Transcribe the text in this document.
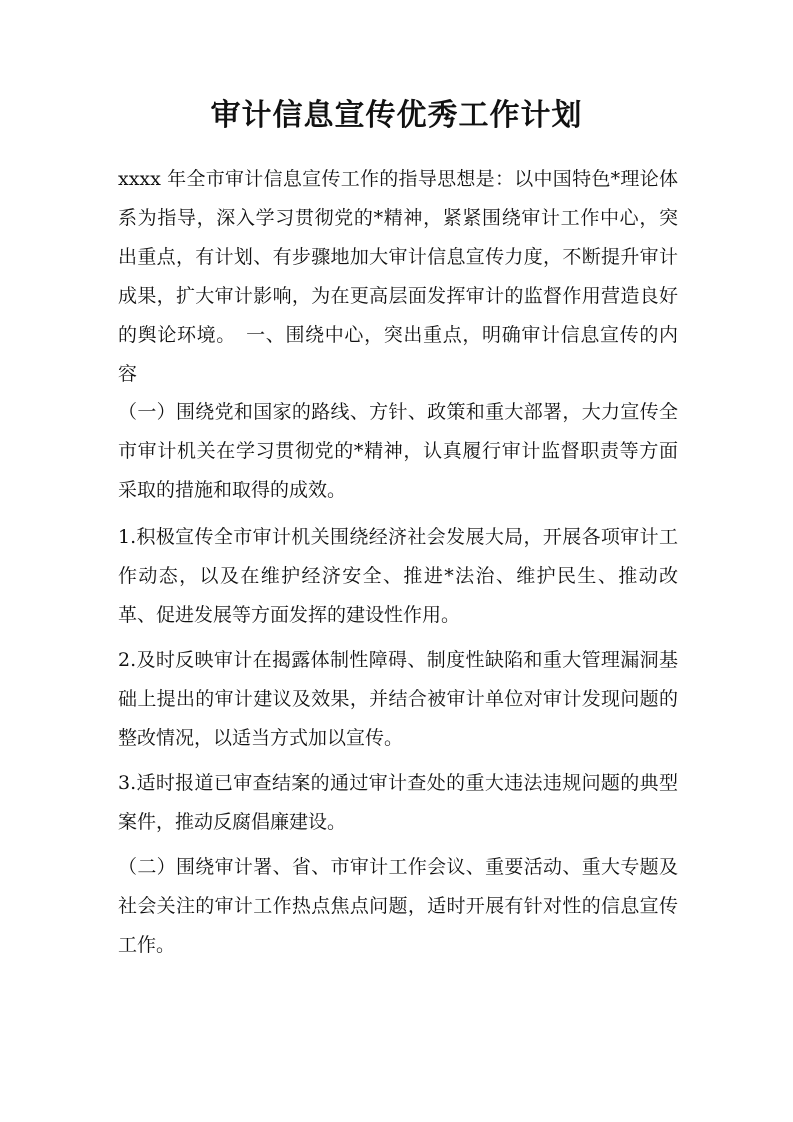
审计信息宣传优秀工作计划

xxxx 年全市审计信息宣传工作的指导思想是：以中国特色*理论体系为指导，深入学习贯彻党的*精神，紧紧围绕审计工作中心，突出重点，有计划、有步骤地加大审计信息宣传力度，不断提升审计成果，扩大审计影响，为在更高层面发挥审计的监督作用营造良好的舆论环境。　一、围绕中心，突出重点，明确审计信息宣传的内容

（一）围绕党和国家的路线、方针、政策和重大部署，大力宣传全市审计机关在学习贯彻党的*精神，认真履行审计监督职责等方面采取的措施和取得的成效。

1.积极宣传全市审计机关围绕经济社会发展大局，开展各项审计工作动态，以及在维护经济安全、推进*法治、维护民生、推动改革、促进发展等方面发挥的建设性作用。

2.及时反映审计在揭露体制性障碍、制度性缺陷和重大管理漏洞基础上提出的审计建议及效果，并结合被审计单位对审计发现问题的整改情况，以适当方式加以宣传。

3.适时报道已审查结案的通过审计查处的重大违法违规问题的典型案件，推动反腐倡廉建设。

（二）围绕审计署、省、市审计工作会议、重要活动、重大专题及社会关注的审计工作热点焦点问题，适时开展有针对性的信息宣传工作。
